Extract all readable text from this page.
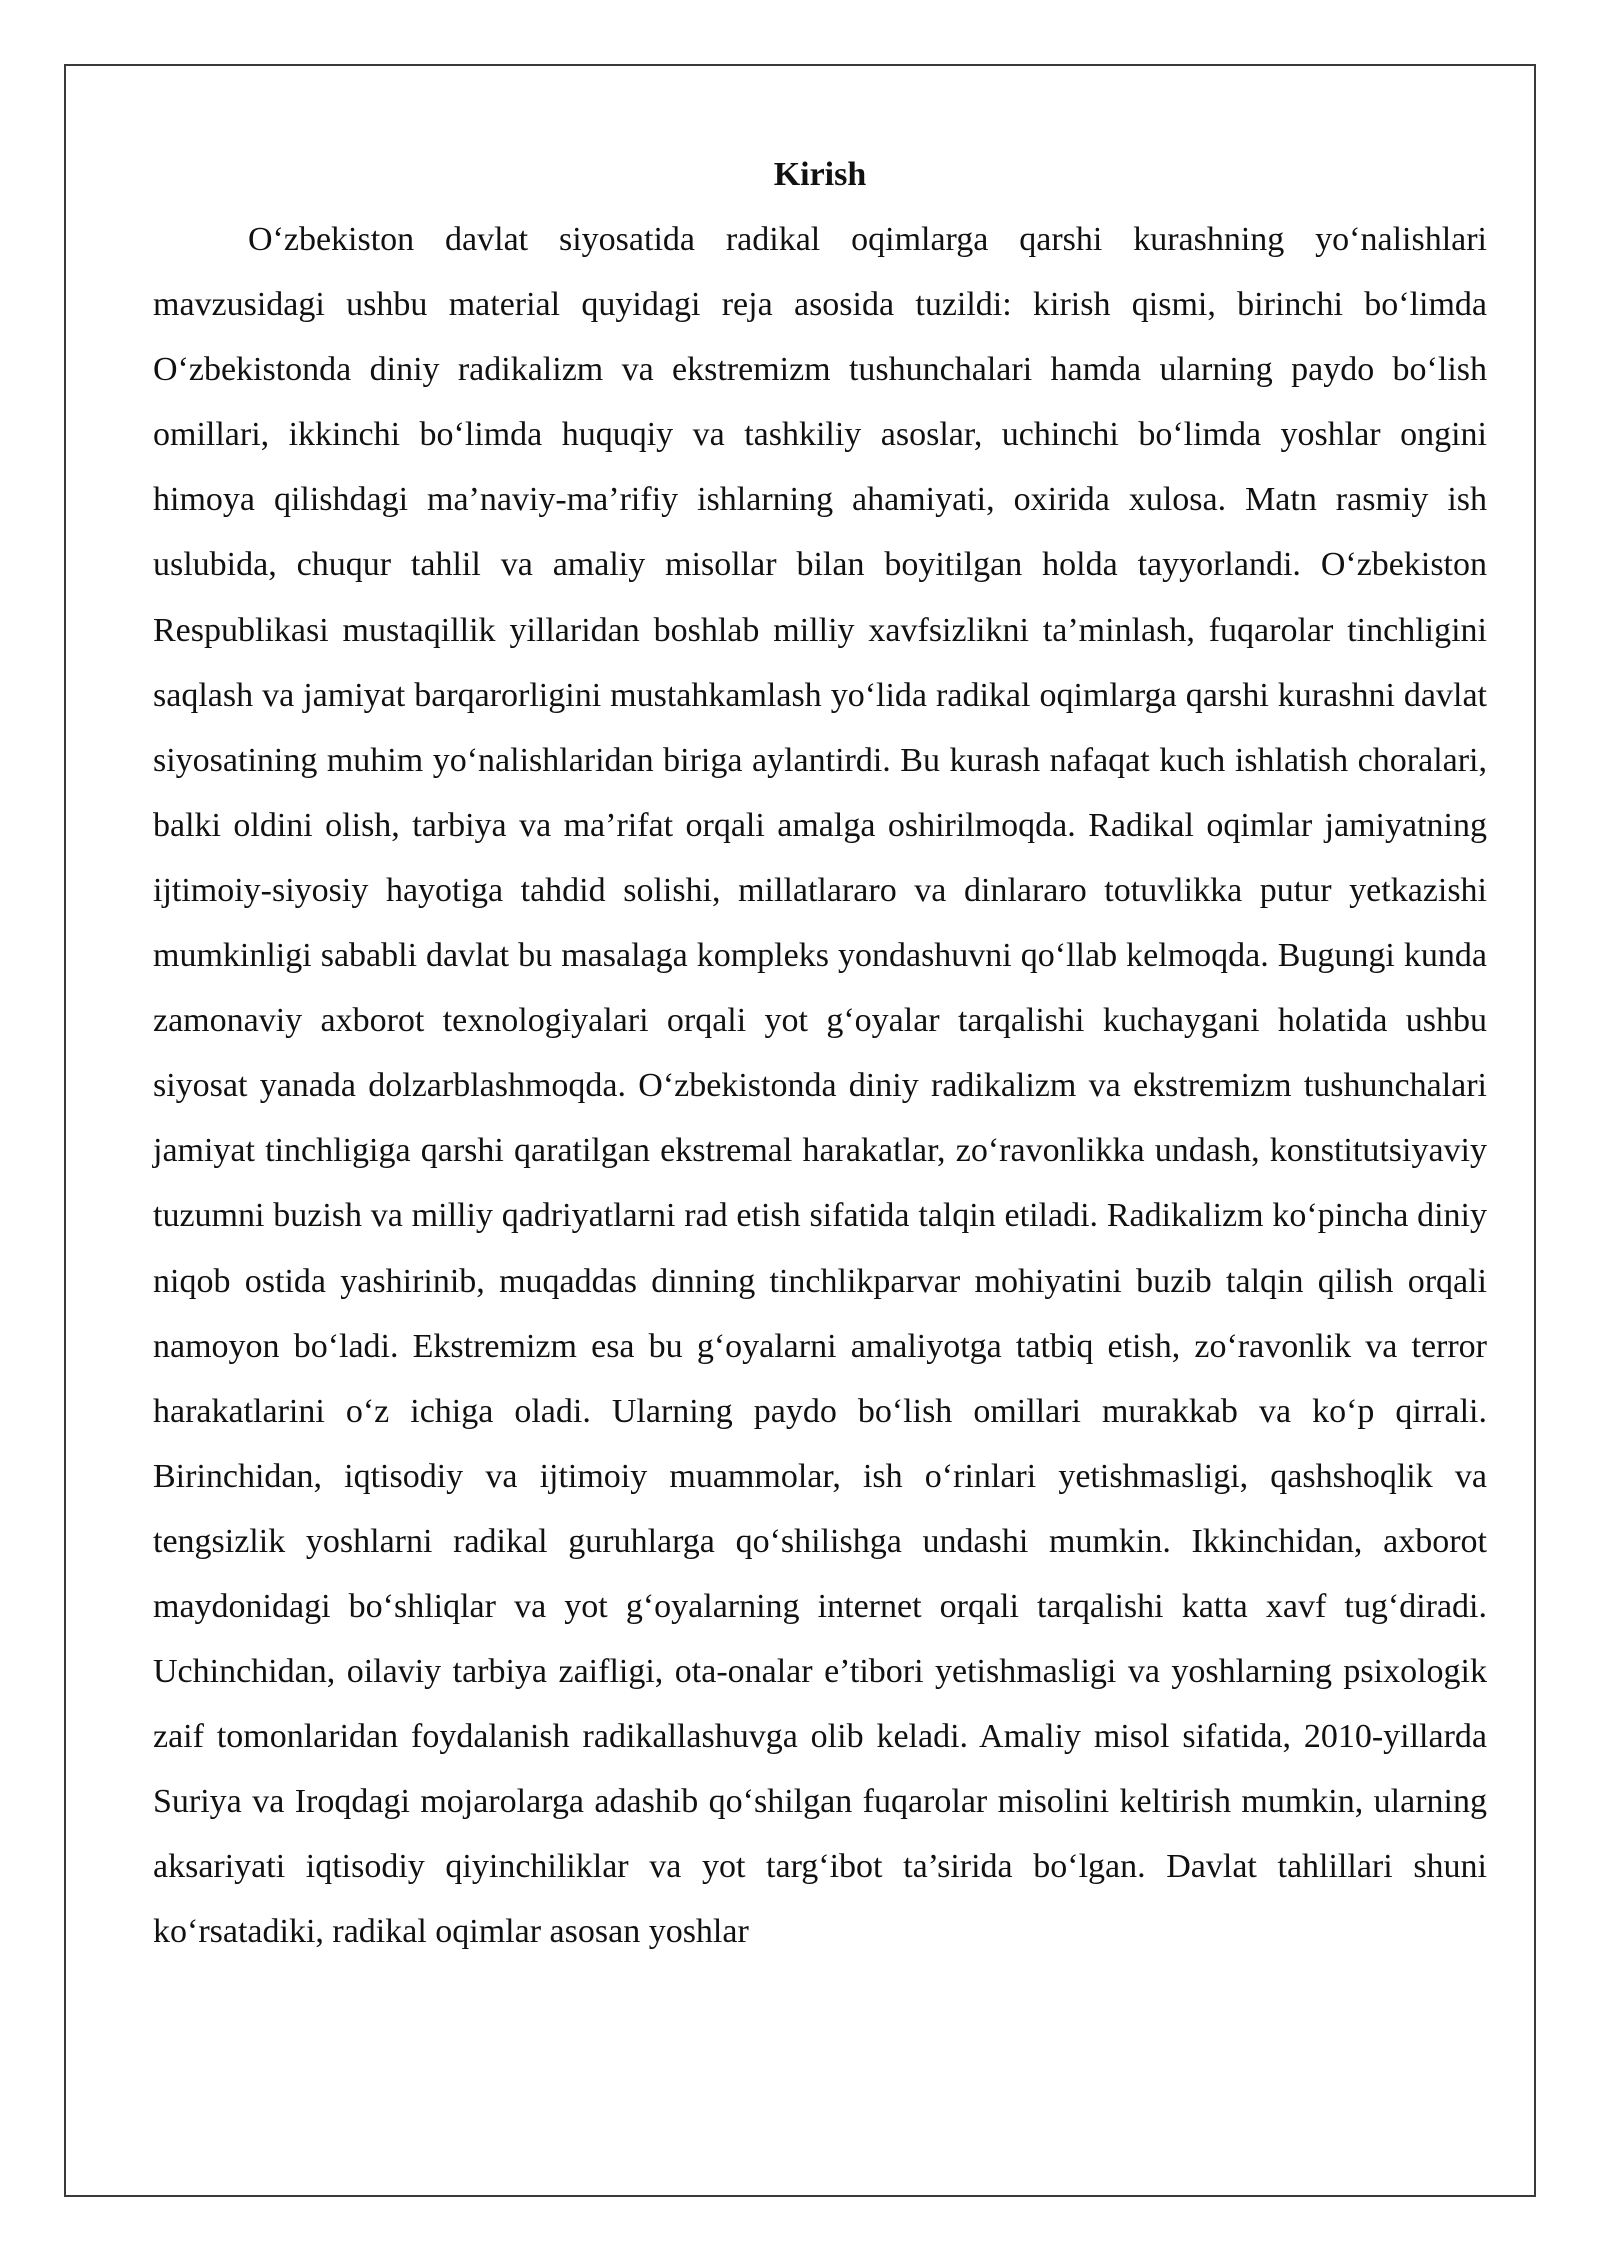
Kirish

O‘zbekiston davlat siyosatida radikal oqimlarga qarshi kurashning yo‘nalishlari mavzusidagi ushbu material quyidagi reja asosida tuzildi: kirish qismi, birinchi bo‘limda O‘zbekistonda diniy radikalizm va ekstremizm tushunchalari hamda ularning paydo bo‘lish omillari, ikkinchi bo‘limda huquqiy va tashkiliy asoslar, uchinchi bo‘limda yoshlar ongini himoya qilishdagi ma’naviy-ma’rifiy ishlarning ahamiyati, oxirida xulosa. Matn rasmiy ish uslubida, chuqur tahlil va amaliy misollar bilan boyitilgan holda tayyorlandi. O‘zbekiston Respublikasi mustaqillik yillaridan boshlab milliy xavfsizlikni ta’minlash, fuqarolar tinchligini saqlash va jamiyat barqarorligini mustahkamlash yo‘lida radikal oqimlarga qarshi kurashni davlat siyosatining muhim yo‘nalishlaridan biriga aylantirdi. Bu kurash nafaqat kuch ishlatish choralari, balki oldini olish, tarbiya va ma’rifat orqali amalga oshirilmoqda. Radikal oqimlar jamiyatning ijtimoiy-siyosiy hayotiga tahdid solishi, millatlararo va dinlararo totuvlikka putur yetkazishi mumkinligi sababli davlat bu masalaga kompleks yondashuvni qo‘llab kelmoqda. Bugungi kunda zamonaviy axborot texnologiyalari orqali yot g‘oyalar tarqalishi kuchaygani holatida ushbu siyosat yanada dolzarblashmoqda. O‘zbekistonda diniy radikalizm va ekstremizm tushunchalari jamiyat tinchligiga qarshi qaratilgan ekstremal harakatlar, zo‘ravonlikka undash, konstitutsiyaviy tuzumni buzish va milliy qadriyatlarni rad etish sifatida talqin etiladi. Radikalizm ko‘pincha diniy niqob ostida yashirinib, muqaddas dinning tinchlikparvar mohiyatini buzib talqin qilish orqali namoyon bo‘ladi. Ekstremizm esa bu g‘oyalarni amaliyotga tatbiq etish, zo‘ravonlik va terror harakatlarini o‘z ichiga oladi. Ularning paydo bo‘lish omillari murakkab va ko‘p qirrali. Birinchidan, iqtisodiy va ijtimoiy muammolar, ish o‘rinlari yetishmasligi, qashshoqlik va tengsizlik yoshlarni radikal guruhlarga qo‘shilishga undashi mumkin. Ikkinchidan, axborot maydonidagi bo‘shliqlar va yot g‘oyalarning internet orqali tarqalishi katta xavf tug‘diradi. Uchinchidan, oilaviy tarbiya zaifligi, ota-onalar e’tibori yetishmasligi va yoshlarning psixologik zaif tomonlaridan foydalanish radikallashuvga olib keladi. Amaliy misol sifatida, 2010-yillarda Suriya va Iroqdagi mojarolarga adashib qo‘shilgan fuqarolar misolini keltirish mumkin, ularning aksariyati iqtisodiy qiyinchiliklar va yot targ‘ibot ta’sirida bo‘lgan. Davlat tahlillari shuni ko‘rsatadiki, radikal oqimlar asosan yoshlar
